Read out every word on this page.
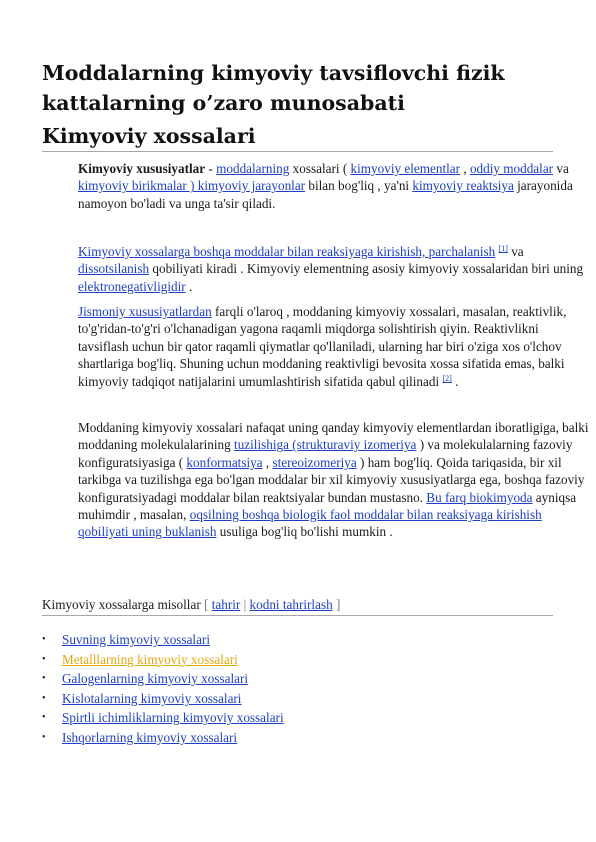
Moddalarning kimyoviy tavsiflovchi fizik kattalarning o’zaro munosabati
Kimyoviy xossalari

Kimyoviy xususiyatlar - moddalarning xossalari ( kimyoviy elementlar , oddiy moddalar va kimyoviy birikmalar ) kimyoviy jarayonlar bilan bog'liq , ya'ni kimyoviy reaktsiya jarayonida namoyon bo'ladi va unga ta'sir qiladi.

Kimyoviy xossalarga boshqa moddalar bilan reaksiyaga kirishish, parchalanish [1] va dissotsilanish qobiliyati kiradi . Kimyoviy elementning asosiy kimyoviy xossalaridan biri uning elektronegativligidir .

Jismoniy xususiyatlardan farqli o'laroq , moddaning kimyoviy xossalari, masalan, reaktivlik, to'g'ridan-to'g'ri o'lchanadigan yagona raqamli miqdorga solishtirish qiyin. Reaktivlikni tavsiflash uchun bir qator raqamli qiymatlar qo'llaniladi, ularning har biri o'ziga xos o'lchov shartlariga bog'liq. Shuning uchun moddaning reaktivligi bevosita xossa sifatida emas, balki kimyoviy tadqiqot natijalarini umumlashtirish sifatida qabul qilinadi [2] .

Moddaning kimyoviy xossalari nafaqat uning qanday kimyoviy elementlardan iboratligiga, balki moddaning molekulalarining tuzilishiga (strukturaviy izomeriya ) va molekulalarning fazoviy konfiguratsiyasiga ( konformatsiya , stereoizomeriya ) ham bog'liq. Qoida tariqasida, bir xil tarkibga va tuzilishga ega bo'lgan moddalar bir xil kimyoviy xususiyatlarga ega, boshqa fazoviy konfiguratsiyadagi moddalar bilan reaktsiyalar bundan mustasno. Bu farq biokimyoda ayniqsa muhimdir , masalan, oqsilning boshqa biologik faol moddalar bilan reaksiyaga kirishish qobiliyati uning buklanish usuliga bog'liq bo'lishi mumkin .

Kimyoviy xossalarga misollar [ tahrir | kodni tahrirlash ]
• Suvning kimyoviy xossalari
• Metalllarning kimyoviy xossalari
• Galogenlarning kimyoviy xossalari
• Kislotalarning kimyoviy xossalari
• Spirtli ichimliklarning kimyoviy xossalari
• Ishqorlarning kimyoviy xossalari
